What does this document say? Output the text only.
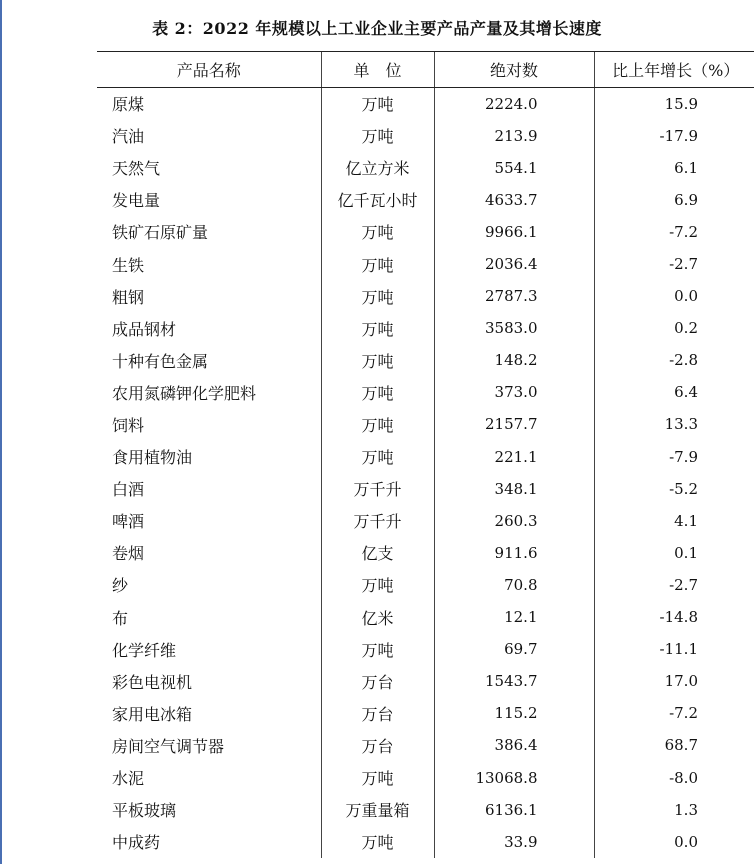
表 2：2022 年规模以上工业企业主要产品产量及其增长速度
产品名称	单　位	绝对数	比上年增长（%）
原煤	万吨	2224.0	15.9
汽油	万吨	213.9	-17.9
天然气	亿立方米	554.1	6.1
发电量	亿千瓦小时	4633.7	6.9
铁矿石原矿量	万吨	9966.1	-7.2
生铁	万吨	2036.4	-2.7
粗钢	万吨	2787.3	0.0
成品钢材	万吨	3583.0	0.2
十种有色金属	万吨	148.2	-2.8
农用氮磷钾化学肥料	万吨	373.0	6.4
饲料	万吨	2157.7	13.3
食用植物油	万吨	221.1	-7.9
白酒	万千升	348.1	-5.2
啤酒	万千升	260.3	4.1
卷烟	亿支	911.6	0.1
纱	万吨	70.8	-2.7
布	亿米	12.1	-14.8
化学纤维	万吨	69.7	-11.1
彩色电视机	万台	1543.7	17.0
家用电冰箱	万台	115.2	-7.2
房间空气调节器	万台	386.4	68.7
水泥	万吨	13068.8	-8.0
平板玻璃	万重量箱	6136.1	1.3
中成药	万吨	33.9	0.0
